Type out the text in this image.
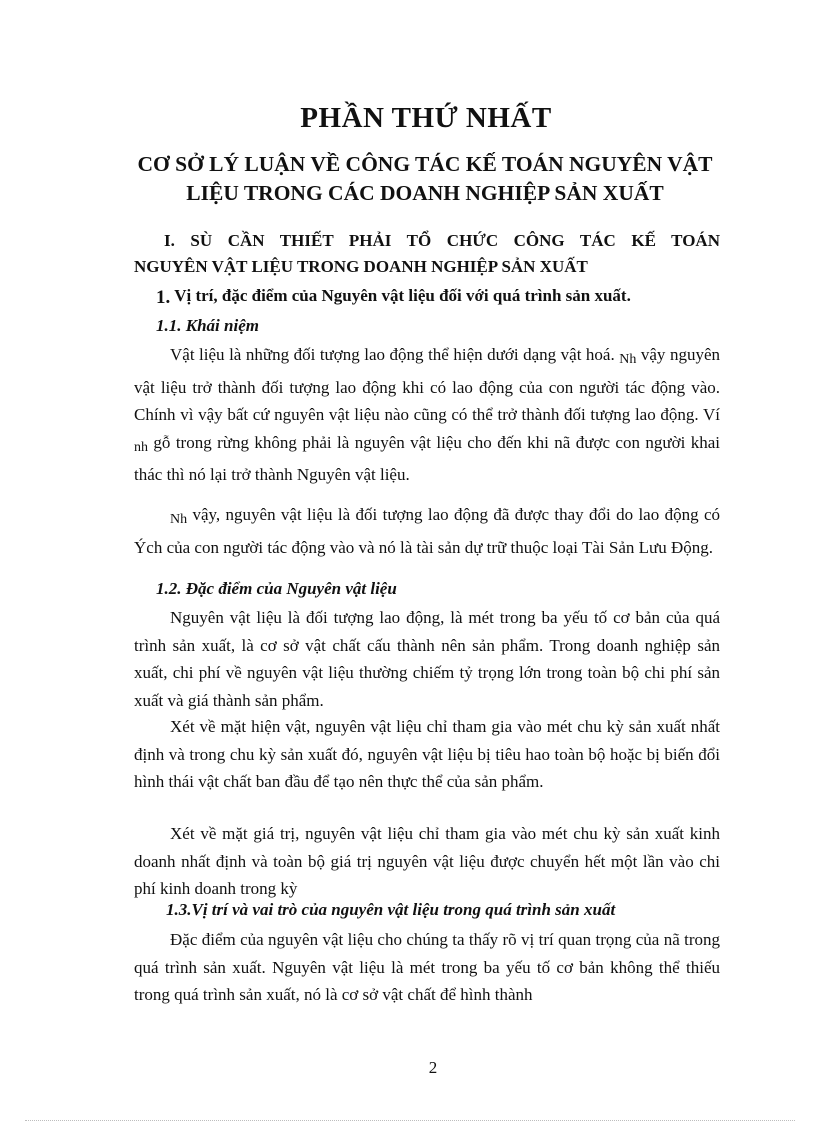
PHẦN THỨ NHẤT
CƠ SỞ LÝ LUẬN VỀ CÔNG TÁC KẾ TOÁN NGUYÊN VẬT LIỆU TRONG CÁC DOANH NGHIỆP SẢN XUẤT
I. SÙ CẦN THIẾT PHẢI TỔ CHỨC CÔNG TÁC KẾ TOÁN
NGUYÊN VẬT LIỆU TRONG DOANH NGHIỆP SẢN XUẤT
1. Vị trí, đặc điểm của Nguyên vật liệu đối với quá trình sản xuất.
1.1. Khái niệm

Vật liệu là những đối tượng lao động thể hiện dưới dạng vật hoá. Nh vậy nguyên vật liệu trở thành đối tượng lao động khi có lao động của con người tác động vào. Chính vì vậy bất cứ nguyên vật liệu nào cũng có thể trở thành đối tượng lao động. Ví nh gỗ trong rừng không phải là nguyên vật liệu cho đến khi nã được con người khai thác thì nó lại trở thành Nguyên vật liệu.

Nh vậy, nguyên vật liệu là đối tượng lao động đã được thay đổi do lao động có Ých của con người tác động vào và nó là tài sản dự trữ thuộc loại Tài Sản Lưu Động.

1.2. Đặc điểm của Nguyên vật liệu

Nguyên vật liệu là đối tượng lao động, là mét trong ba yếu tố cơ bản của quá trình sản xuất, là cơ sở vật chất cấu thành nên sản phẩm. Trong doanh nghiệp sản xuất, chi phí về nguyên vật liệu thường chiếm tỷ trọng lớn trong toàn bộ chi phí sản xuất và giá thành sản phẩm.

Xét về mặt hiện vật, nguyên vật liệu chỉ tham gia vào mét chu kỳ sản xuất nhất định và trong chu kỳ sản xuất đó, nguyên vật liệu bị tiêu hao toàn bộ hoặc bị biến đổi hình thái vật chất ban đầu để tạo nên thực thể của sản phẩm.

Xét về mặt giá trị, nguyên vật liệu chỉ tham gia vào mét chu kỳ sản xuất kinh doanh nhất định và toàn bộ giá trị nguyên vật liệu được chuyển hết một lần vào chi phí kinh doanh trong kỳ

1.3.Vị trí và vai trò của nguyên vật liệu trong quá trình sản xuất

Đặc điểm của nguyên vật liệu cho chúng ta thấy rõ vị trí quan trọng của nã trong quá trình sản xuất. Nguyên vật liệu là mét trong ba yếu tố cơ bản không thể thiếu trong quá trình sản xuất, nó là cơ sở vật chất để hình thành

2
